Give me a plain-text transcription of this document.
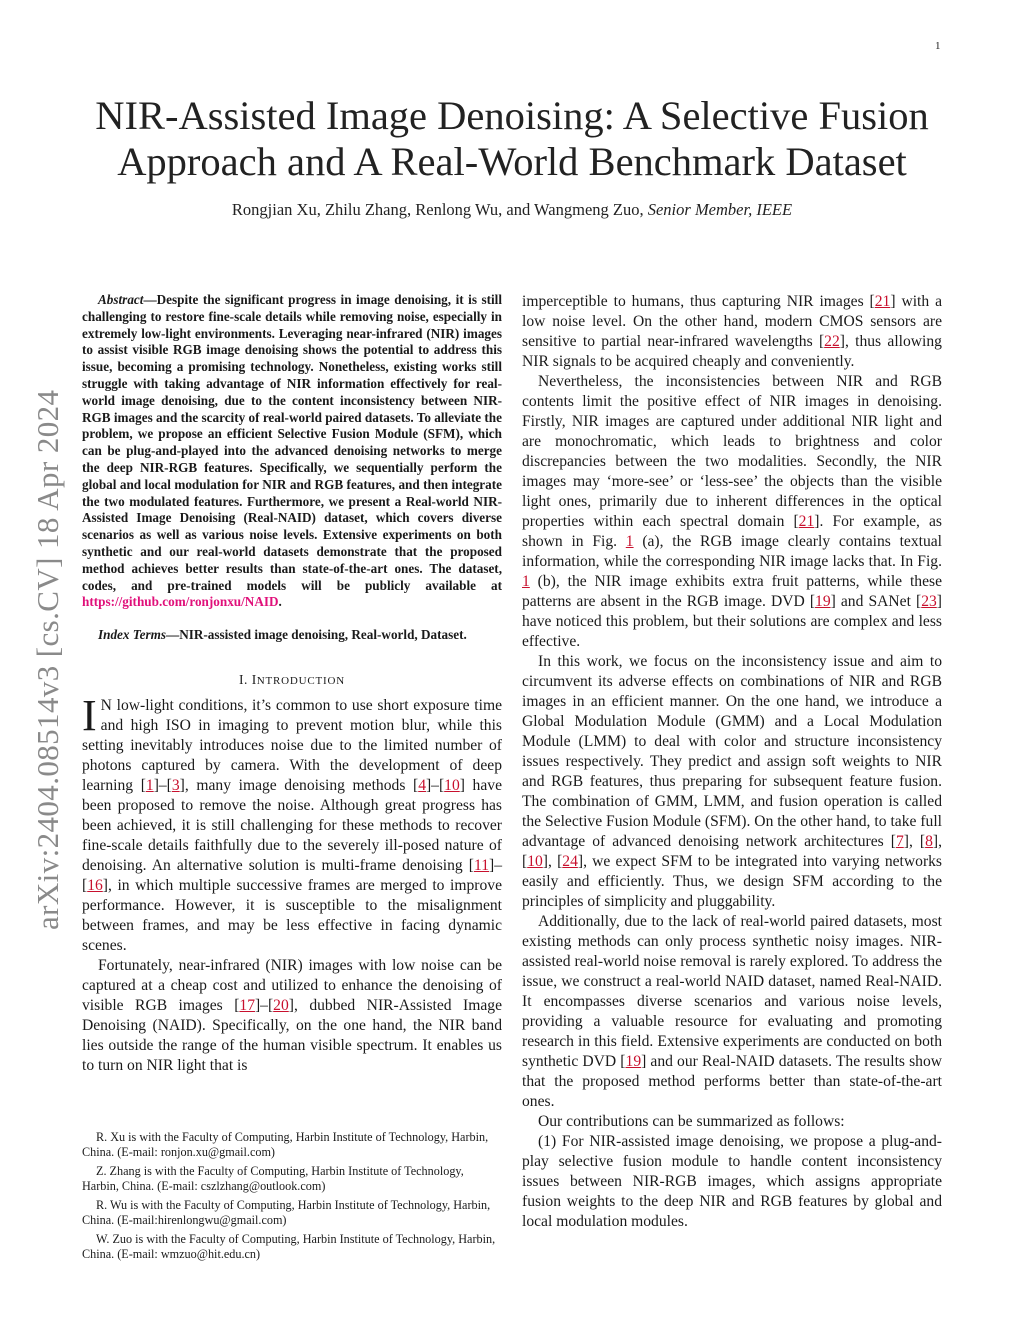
1
arXiv:2404.08514v3 [cs.CV] 18 Apr 2024
NIR-Assisted Image Denoising: A Selective Fusion
Approach and A Real-World Benchmark Dataset
Rongjian Xu, Zhilu Zhang, Renlong Wu, and Wangmeng Zuo, Senior Member, IEEE

Abstract—Despite the significant progress in image denoising, it is still challenging to restore fine-scale details while removing noise, especially in extremely low-light environments. Leveraging near-infrared (NIR) images to assist visible RGB image denoising shows the potential to address this issue, becoming a promising technology. Nonetheless, existing works still struggle with taking advantage of NIR information effectively for real-world image denoising, due to the content inconsistency between NIR-RGB images and the scarcity of real-world paired datasets. To alleviate the problem, we propose an efficient Selective Fusion Module (SFM), which can be plug-and-played into the advanced denoising networks to merge the deep NIR-RGB features. Specifically, we sequentially perform the global and local modulation for NIR and RGB features, and then integrate the two modulated features. Furthermore, we present a Real-world NIR-Assisted Image Denoising (Real-NAID) dataset, which covers diverse scenarios as well as various noise levels. Extensive experiments on both synthetic and our real-world datasets demonstrate that the proposed method achieves better results than state-of-the-art ones. The dataset, codes, and pre-trained models will be publicly available at https://github.com/ronjonxu/NAID.

Index Terms—NIR-assisted image denoising, Real-world, Dataset.

I. INTRODUCTION

I N low-light conditions, it’s common to use short exposure time and high ISO in imaging to prevent motion blur, while this setting inevitably introduces noise due to the limited number of photons captured by camera. With the development of deep learning [1]–[3], many image denoising methods [4]–[10] have been proposed to remove the noise. Although great progress has been achieved, it is still challenging for these methods to recover fine-scale details faithfully due to the severely ill-posed nature of denoising. An alternative solution is multi-frame denoising [11]–[16], in which multiple successive frames are merged to improve performance. However, it is susceptible to the misalignment between frames, and may be less effective in facing dynamic scenes.

Fortunately, near-infrared (NIR) images with low noise can be captured at a cheap cost and utilized to enhance the denoising of visible RGB images [17]–[20], dubbed NIR-Assisted Image Denoising (NAID). Specifically, on the one hand, the NIR band lies outside the range of the human visible spectrum. It enables us to turn on NIR light that is

R. Xu is with the Faculty of Computing, Harbin Institute of Technology, Harbin, China. (E-mail: ronjon.xu@gmail.com)

Z. Zhang is with the Faculty of Computing, Harbin Institute of Technology, Harbin, China. (E-mail: cszlzhang@outlook.com)

R. Wu is with the Faculty of Computing, Harbin Institute of Technology, Harbin, China. (E-mail:hirenlongwu@gmail.com)

W. Zuo is with the Faculty of Computing, Harbin Institute of Technology, Harbin, China. (E-mail: wmzuo@hit.edu.cn)

imperceptible to humans, thus capturing NIR images [21] with a low noise level. On the other hand, modern CMOS sensors are sensitive to partial near-infrared wavelengths [22], thus allowing NIR signals to be acquired cheaply and conveniently.

Nevertheless, the inconsistencies between NIR and RGB contents limit the positive effect of NIR images in denoising. Firstly, NIR images are captured under additional NIR light and are monochromatic, which leads to brightness and color discrepancies between the two modalities. Secondly, the NIR images may ‘more-see’ or ‘less-see’ the objects than the visible light ones, primarily due to inherent differences in the optical properties within each spectral domain [21]. For example, as shown in Fig. 1 (a), the RGB image clearly contains textual information, while the corresponding NIR image lacks that. In Fig. 1 (b), the NIR image exhibits extra fruit patterns, while these patterns are absent in the RGB image. DVD [19] and SANet [23] have noticed this problem, but their solutions are complex and less effective.

In this work, we focus on the inconsistency issue and aim to circumvent its adverse effects on combinations of NIR and RGB images in an efficient manner. On the one hand, we introduce a Global Modulation Module (GMM) and a Local Modulation Module (LMM) to deal with color and structure inconsistency issues respectively. They predict and assign soft weights to NIR and RGB features, thus preparing for subsequent feature fusion. The combination of GMM, LMM, and fusion operation is called the Selective Fusion Module (SFM). On the other hand, to take full advantage of advanced denoising network architectures [7], [8], [10], [24], we expect SFM to be integrated into varying networks easily and efficiently. Thus, we design SFM according to the principles of simplicity and pluggability.

Additionally, due to the lack of real-world paired datasets, most existing methods can only process synthetic noisy images. NIR-assisted real-world noise removal is rarely explored. To address the issue, we construct a real-world NAID dataset, named Real-NAID. It encompasses diverse scenarios and various noise levels, providing a valuable resource for evaluating and promoting research in this field. Extensive experiments are conducted on both synthetic DVD [19] and our Real-NAID datasets. The results show that the proposed method performs better than state-of-the-art ones.

Our contributions can be summarized as follows:

(1) For NIR-assisted image denoising, we propose a plug-and-play selective fusion module to handle content inconsistency issues between NIR-RGB images, which assigns appropriate fusion weights to the deep NIR and RGB features by global and local modulation modules.
